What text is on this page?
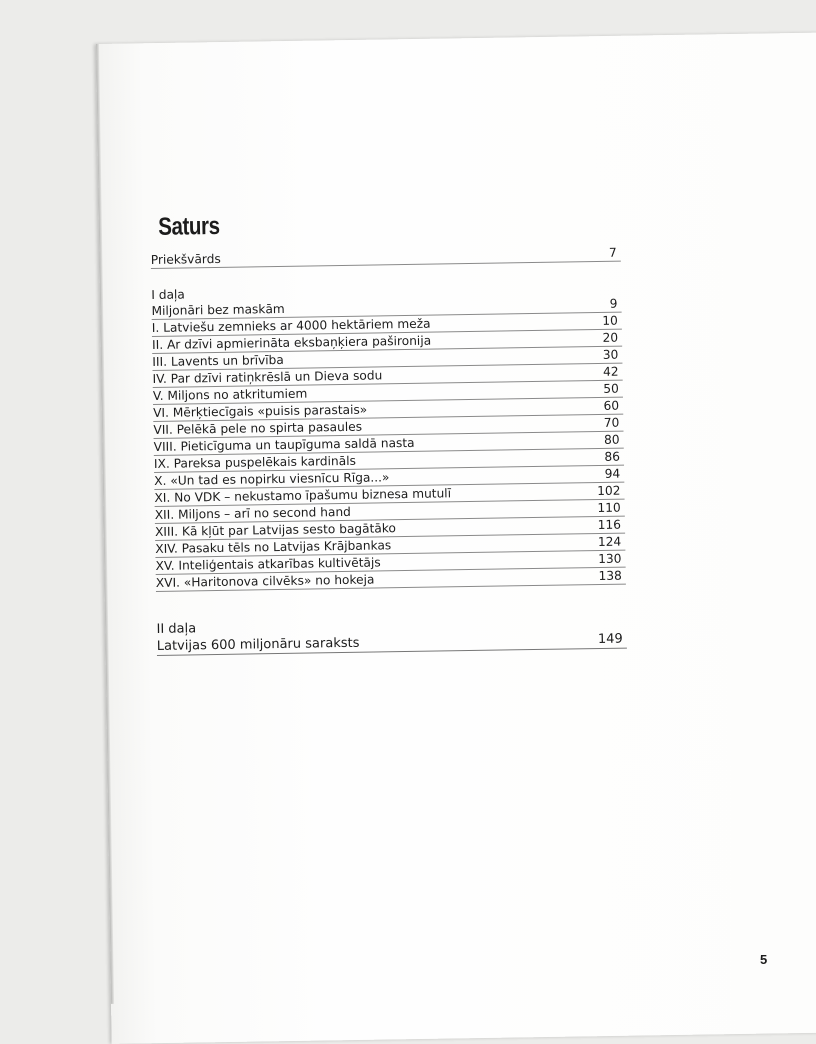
Saturs
Priekšvārds	7
I daļa
Miljonāri bez maskām	9
I. Latviešu zemnieks ar 4000 hektāriem meža	10
II. Ar dzīvi apmierināta eksbaņķiera pašironija	20
III. Lavents un brīvība	30
IV. Par dzīvi ratiņkrēslā un Dieva sodu	42
V. Miljons no atkritumiem	50
VI. Mērķtiecīgais «puisis parastais»	60
VII. Pelēkā pele no spirta pasaules	70
VIII. Pieticīguma un taupīguma saldā nasta	80
IX. Pareksa puspelēkais kardināls	86
X. «Un tad es nopirku viesnīcu Rīga...»	94
XI. No VDK – nekustamo īpašumu biznesa mutulī	102
XII. Miljons – arī no second hand	110
XIII. Kā kļūt par Latvijas sesto bagātāko	116
XIV. Pasaku tēls no Latvijas Krājbankas	124
XV. Inteliģentais atkarības kultivētājs	130
XVI. «Haritonova cilvēks» no hokeja	138
II daļa
Latvijas 600 miljonāru saraksts	149
5
